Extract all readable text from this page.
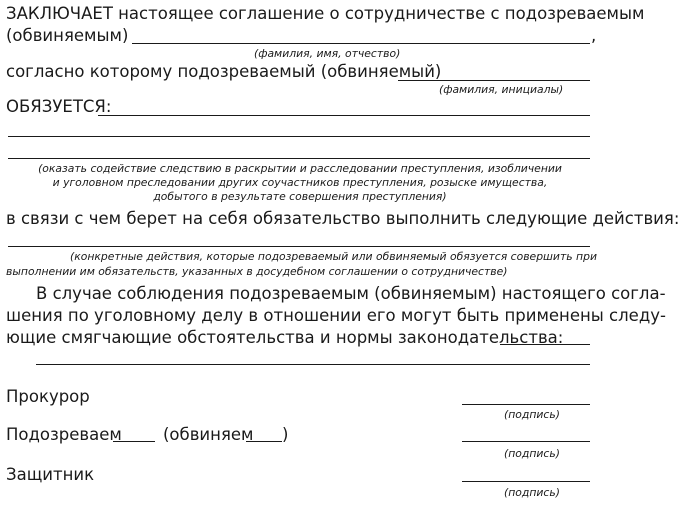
ЗАКЛЮЧАЕТ настоящее соглашение о сотрудничестве с подозреваемым
(обвиняемым)	,
(фамилия, имя, отчество)
согласно которому подозреваемый (обвиняемый)
(фамилия, инициалы)
ОБЯЗУЕТСЯ:
(оказать содействие следствию в раскрытии и расследовании преступления, изобличении
и уголовном преследовании других соучастников преступления, розыске имущества,
добытого в результате совершения преступления)
в связи с чем берет на себя обязательство выполнить следующие действия:
(конкретные действия, которые подозреваемый или обвиняемый обязуется совершить при
выполнении им обязательств, указанных в досудебном соглашении о сотрудничестве)
В случае соблюдения подозреваемым (обвиняемым) настоящего согла-
шения по уголовному делу в отношении его могут быть применены следу-
ющие смягчающие обстоятельства и нормы законодательства:
Прокурор
(подпись)
Подозреваем (обвиняем )
(подпись)
Защитник
(подпись)
